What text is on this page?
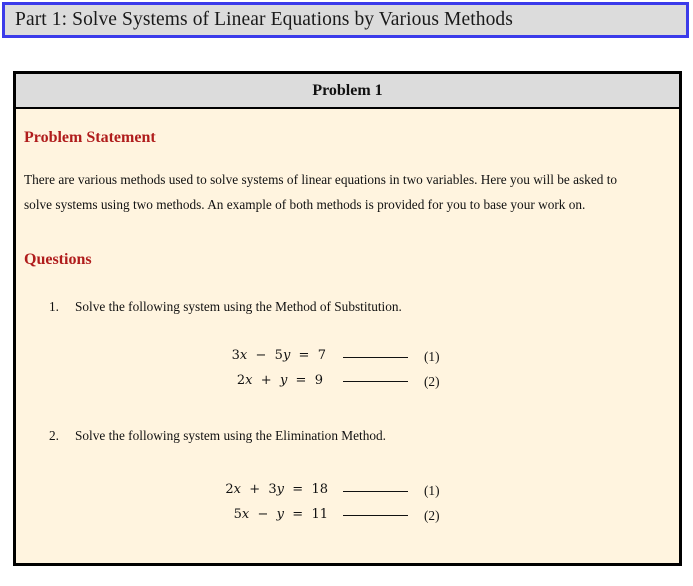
Part 1: Solve Systems of Linear Equations by Various Methods
Problem 1
Problem Statement
There are various methods used to solve systems of linear equations in two variables. Here you will be asked to
solve systems using two methods. An example of both methods is provided for you to base your work on.
Questions
1. Solve the following system using the Method of Substitution.
3x  −  5y  =  7	(1)
2x  +  y  =  9	(2)
2. Solve the following system using the Elimination Method.
2x  +  3y  =  18	(1)
5x  −  y  =  11	(2)
